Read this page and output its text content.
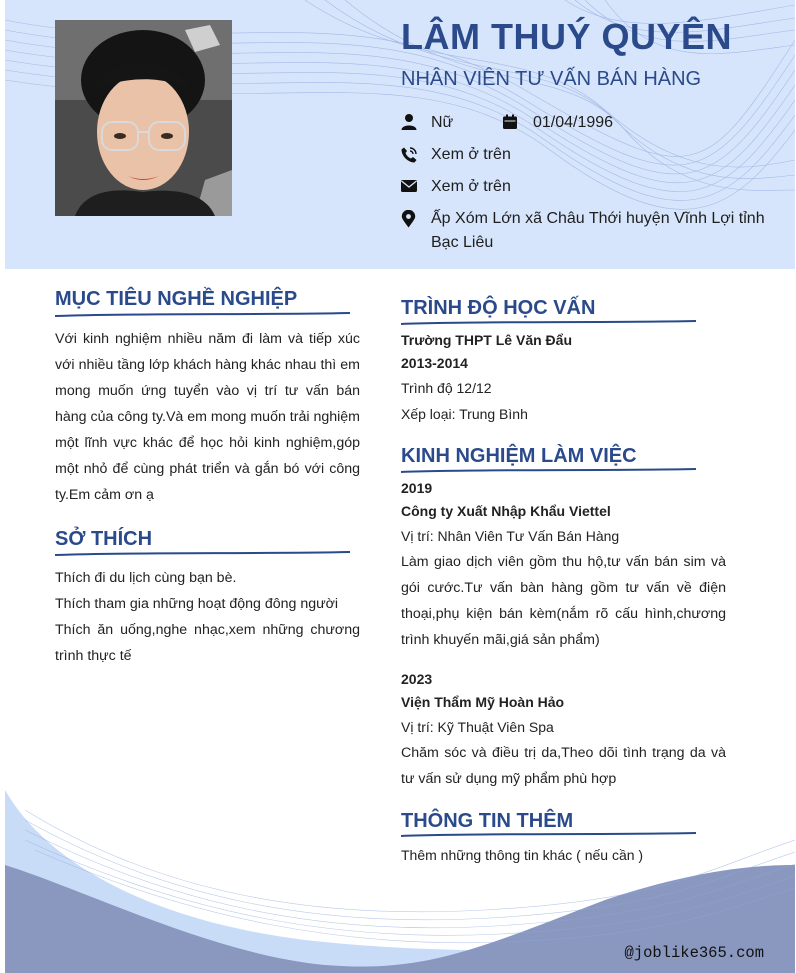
LÂM THUÝ QUYÊN
NHÂN VIÊN TƯ VẤN BÁN HÀNG
Nữ	01/04/1996
Xem ở trên
Xem ở trên
Ấp Xóm Lớn xã Châu Thới huyện Vĩnh Lợi tỉnh
Bạc Liêu
MỤC TIÊU NGHỀ NGHIỆP
Với kinh nghiệm nhiều năm đi làm và tiếp xúc với nhiều tầng lớp khách hàng khác nhau thì em mong muốn ứng tuyển vào vị trí tư vấn bán hàng của công ty.Và em mong muốn trải nghiệm một lĩnh vực khác để học hỏi kinh nghiệm,góp một nhỏ để cùng phát triển và gắn bó với công ty.Em cảm ơn ạ
SỞ THÍCH
Thích đi du lịch cùng bạn bè.
Thích tham gia những hoạt động đông người
Thích ăn uống,nghe nhạc,xem những chương trình thực tế
TRÌNH ĐỘ HỌC VẤN
Trường THPT Lê Văn Đẩu
2013-2014
Trình độ 12/12
Xếp loại: Trung Bình
KINH NGHIỆM LÀM VIỆC
2019
Công ty Xuất Nhập Khẩu Viettel
Vị trí: Nhân Viên Tư Vấn Bán Hàng
Làm giao dịch viên gồm thu hộ,tư vấn bán sim và gói cước.Tư vấn bàn hàng gồm tư vấn về điện thoại,phụ kiện bán kèm(nắm rõ cấu hình,chương trình khuyến mãi,giá sản phẩm)
2023
Viện Thẩm Mỹ Hoàn Hảo
Vị trí: Kỹ Thuật Viên Spa
Chăm sóc và điều trị da,Theo dõi tình trạng da và tư vấn sử dụng mỹ phẩm phù hợp
THÔNG TIN THÊM
Thêm những thông tin khác ( nếu cần )
@joblike365.com
